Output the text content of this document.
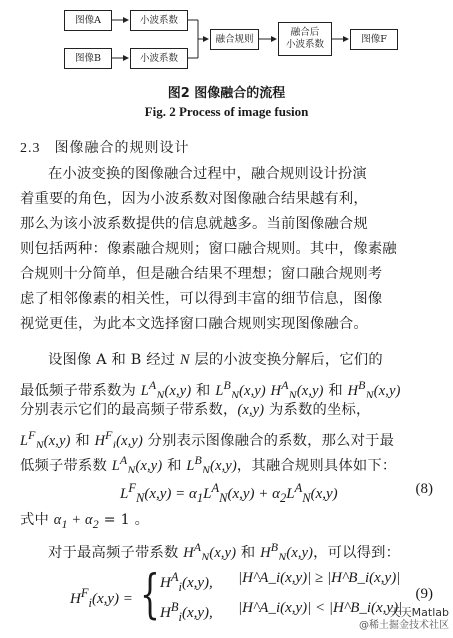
图像A
图像B
小波系数
小波系数
融合规则
融合后
小波系数	图像F
图2 图像融合的流程
Fig. 2 Process of image fusion
2.3 图像融合的规则设计
在小波变换的图像融合过程中，融合规则设计扮演
着重要的角色，因为小波系数对图像融合结果越有利，
那么为该小波系数提供的信息就越多。当前图像融合规
则包括两种：像素融合规则；窗口融合规则。其中，像素融
合规则十分简单，但是融合结果不理想；窗口融合规则考
虑了相邻像素的相关性，可以得到丰富的细节信息，图像
视觉更佳，为此本文选择窗口融合规则实现图像融合。
设图像 A 和 B 经过 N 层的小波变换分解后，它们的
最低频子带系数为 $L^A_N(x,y)$ 和 $L^B_N(x,y)$ $H^A_N(x,y)$ 和 $H^B_N(x,y)$
分别表示它们的最高频子带系数，(x,y) 为系数的坐标，
$L^F_N(x,y)$ 和 $H^F_i(x,y)$ 分别表示图像融合的系数，那么对于最
低频子带系数 $L^A_N(x,y)$ 和 $L^B_N(x,y)$，其融合规则具体如下：
$L^F_N(x,y) = \alpha_1L^A_N(x,y) + \alpha_2L^A_N(x,y)$	(8)
式中 $\alpha_1 + \alpha_2 = 1$ 。
对于最高频子带系数 $H^A_N(x,y)$ 和 $H^B_N(x,y)$，可以得到：
$H^F_i(x,y)$ = { $H^A_i(x,y)$, |H^A_i(x,y)| ≥ |H^B_i(x,y)|
$H^B_i(x,y)$, |H^A_i(x,y)| < |H^B_i(x,y)|
(9)
天天Matlab
@稀土掘金技术社区
